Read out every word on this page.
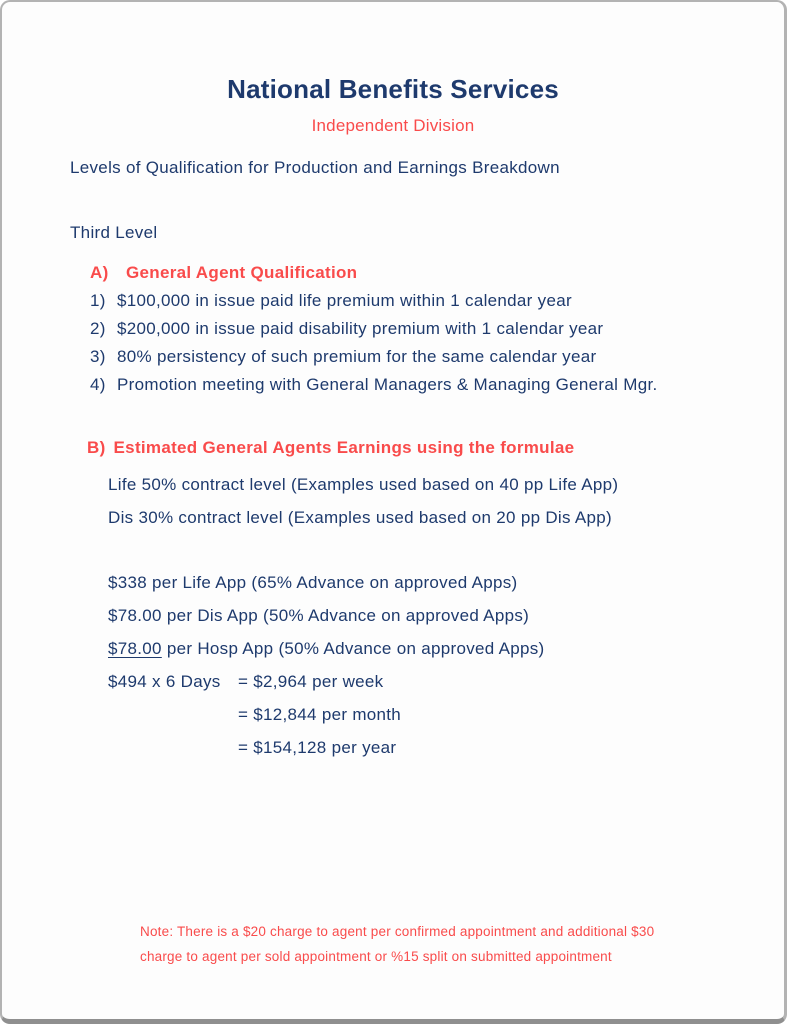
National Benefits Services
Independent Division
Levels of Qualification for Production and Earnings Breakdown
Third Level
A) General Agent Qualification
1) $100,000 in issue paid life premium within 1 calendar year
2) $200,000 in issue paid disability premium with 1 calendar year
3) 80% persistency of such premium for the same calendar year
4) Promotion meeting with General Managers & Managing General Mgr.
B) Estimated General Agents Earnings using the formulae
Life 50% contract level (Examples used based on 40 pp Life App)
Dis 30% contract level (Examples used based on 20 pp Dis App)
$338 per Life App (65% Advance on approved Apps)
$78.00 per Dis App (50% Advance on approved Apps)
$78.00 per Hosp App (50% Advance on approved Apps)
$494 x 6 Days	= $2,964 per week
= $12,844 per month
= $154,128 per year
Note: There is a $20 charge to agent per confirmed appointment and additional $30
charge to agent per sold appointment or %15 split on submitted appointment
